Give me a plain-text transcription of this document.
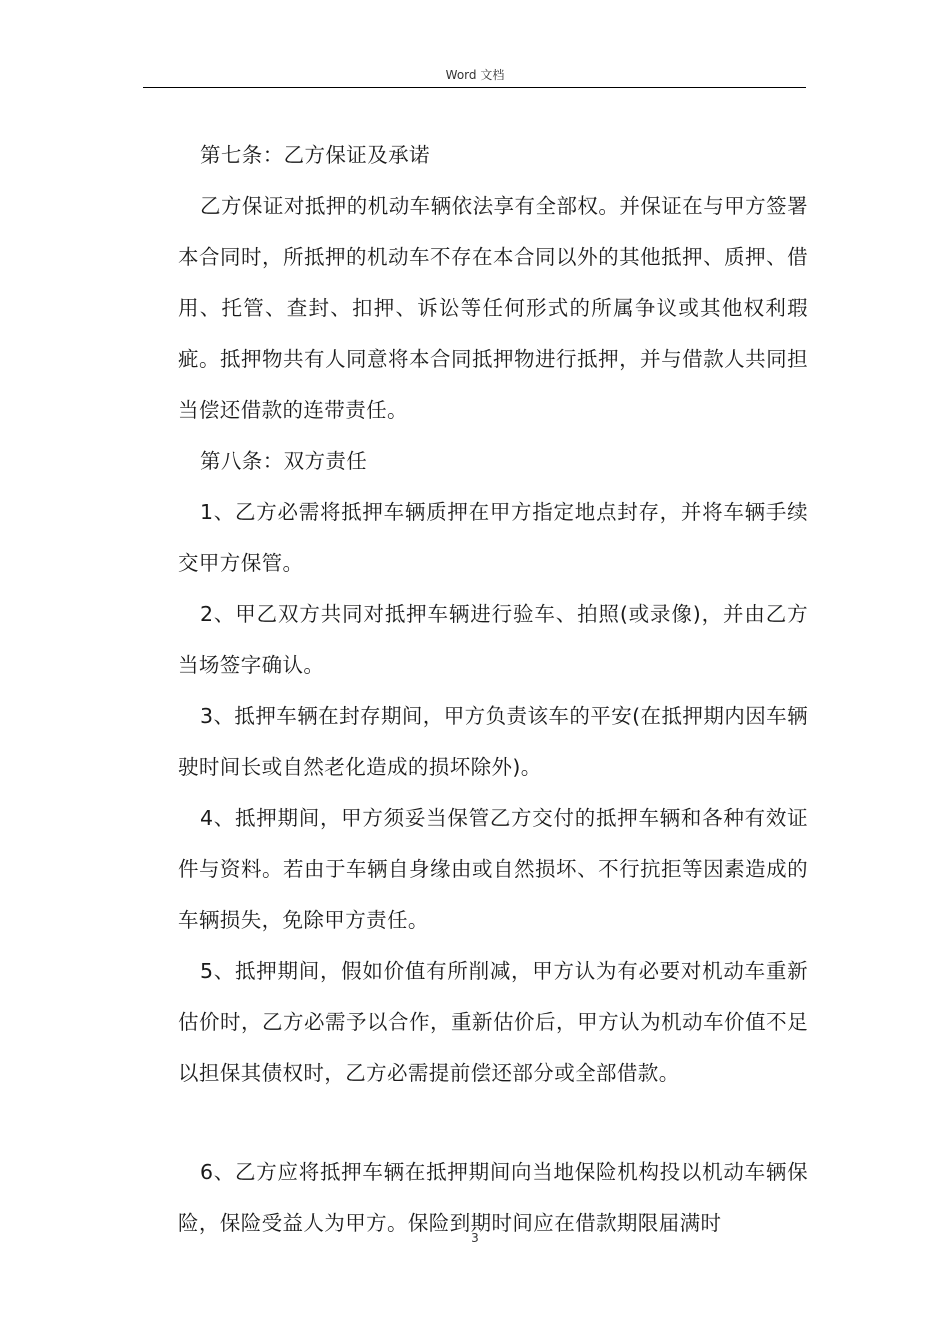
Word 文档

第七条：乙方保证及承诺

乙方保证对抵押的机动车辆依法享有全部权。并保证在与甲方签署本合同时，所抵押的机动车不存在本合同以外的其他抵押、质押、借用、托管、查封、扣押、诉讼等任何形式的所属争议或其他权利瑕疵。抵押物共有人同意将本合同抵押物进行抵押，并与借款人共同担当偿还借款的连带责任。

第八条：双方责任

1、乙方必需将抵押车辆质押在甲方指定地点封存，并将车辆手续交甲方保管。

2、甲乙双方共同对抵押车辆进行验车、拍照(或录像)，并由乙方当场签字确认。

3、抵押车辆在封存期间，甲方负责该车的平安(在抵押期内因车辆驶时间长或自然老化造成的损坏除外)。

4、抵押期间，甲方须妥当保管乙方交付的抵押车辆和各种有效证件与资料。若由于车辆自身缘由或自然损坏、不行抗拒等因素造成的车辆损失，免除甲方责任。

5、抵押期间，假如价值有所削减，甲方认为有必要对机动车重新估价时，乙方必需予以合作，重新估价后，甲方认为机动车价值不足以担保其债权时，乙方必需提前偿还部分或全部借款。

6、乙方应将抵押车辆在抵押期间向当地保险机构投以机动车辆保险，保险受益人为甲方。保险到期时间应在借款期限届满时

3
